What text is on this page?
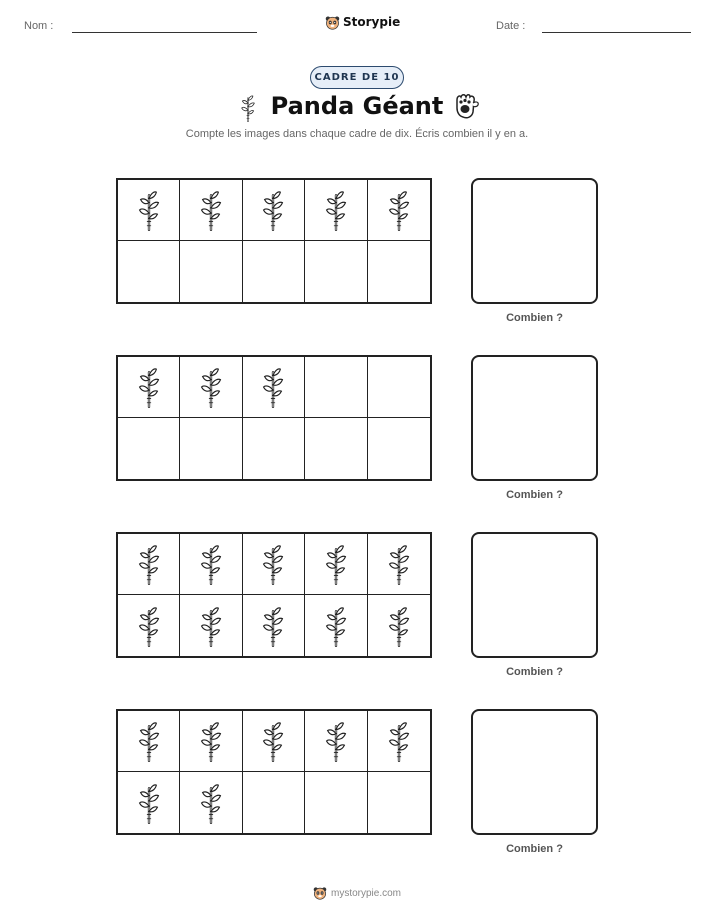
Nom :	Storypie	Date :
CADRE DE 10
Panda Géant
Compte les images dans chaque cadre de dix. Écris combien il y en a.
Combien ?
Combien ?
Combien ?
Combien ?
mystorypie.com
